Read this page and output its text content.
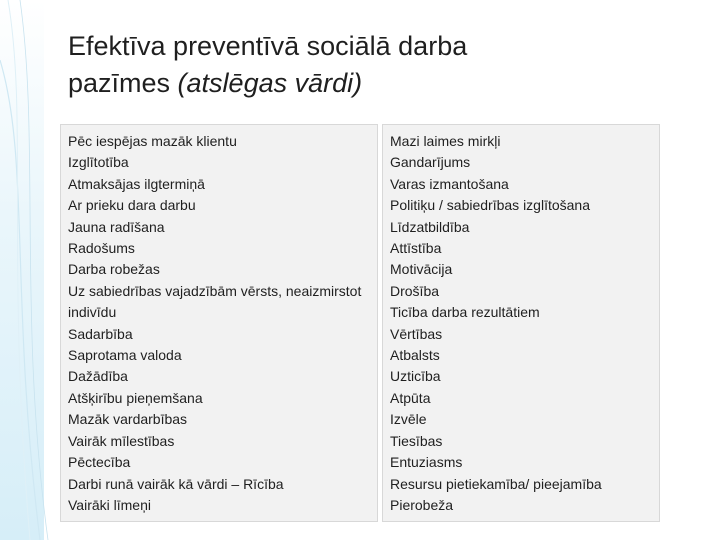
Efektīva preventīvā sociālā darba
pazīmes (atslēgas vārdi)
Pēc iespējas mazāk klientu
Izglītotība
Atmaksājas ilgtermiņā
Ar prieku dara darbu
Jauna radīšana
Radošums
Darba robežas
Uz sabiedrības vajadzībām vērsts, neaizmirstot indivīdu
Sadarbība
Saprotama valoda
Dažādība
Atšķirību pieņemšana
Mazāk vardarbības
Vairāk mīlestības
Pēctecība
Darbi runā vairāk kā vārdi – Rīcība
Vairāki līmeņi
Mazi laimes mirkļi
Gandarījums
Varas izmantošana
Politiķu / sabiedrības izglītošana
Līdzatbildība
Attīstība
Motivācija
Drošība
Ticība darba rezultātiem
Vērtības
Atbalsts
Uzticība
Atpūta
Izvēle
Tiesības
Entuziasms
Resursu pietiekamība/ pieejamība
Pierobeža
